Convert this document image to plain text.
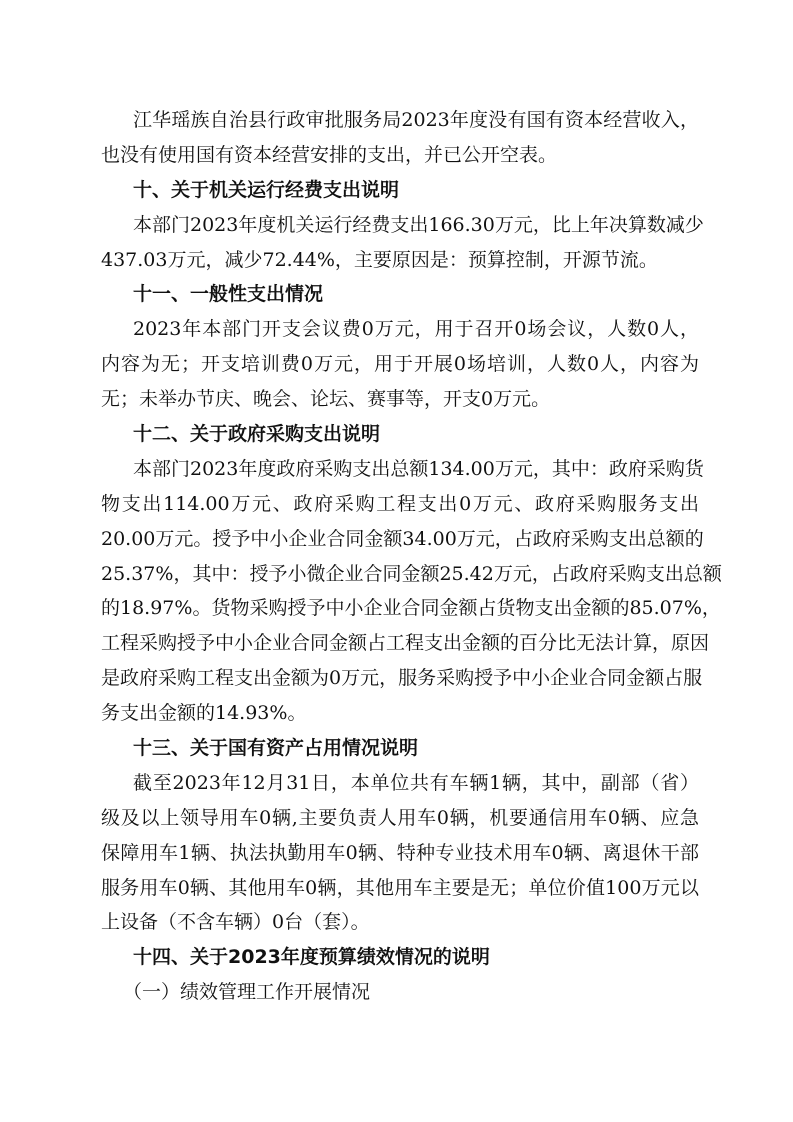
江华瑶族自治县行政审批服务局2023年度没有国有资本经营收入，
也没有使用国有资本经营安排的支出，并已公开空表。
十、关于机关运行经费支出说明
本部门2023年度机关运行经费支出166.30万元，比上年决算数减少
437.03万元，减少72.44%，主要原因是：预算控制，开源节流。
十一、一般性支出情况
2023年本部门开支会议费0万元，用于召开0场会议，人数0人，
内容为无；开支培训费0万元，用于开展0场培训，人数0人，内容为
无；未举办节庆、晚会、论坛、赛事等，开支0万元。
十二、关于政府采购支出说明
本部门2023年度政府采购支出总额134.00万元，其中：政府采购货
物支出114.00万元、政府采购工程支出0万元、政府采购服务支出
20.00万元。授予中小企业合同金额34.00万元，占政府采购支出总额的
25.37%，其中：授予小微企业合同金额25.42万元，占政府采购支出总额
的18.97%。货物采购授予中小企业合同金额占货物支出金额的85.07%，
工程采购授予中小企业合同金额占工程支出金额的百分比无法计算，原因
是政府采购工程支出金额为0万元，服务采购授予中小企业合同金额占服
务支出金额的14.93%。
十三、关于国有资产占用情况说明
截至2023年12月31日，本单位共有车辆1辆，其中，副部（省）
级及以上领导用车0辆,主要负责人用车0辆，机要通信用车0辆、应急
保障用车1辆、执法执勤用车0辆、特种专业技术用车0辆、离退休干部
服务用车0辆、其他用车0辆，其他用车主要是无；单位价值100万元以
上设备（不含车辆）0台（套）。
十四、关于2023年度预算绩效情况的说明
（一）绩效管理工作开展情况
